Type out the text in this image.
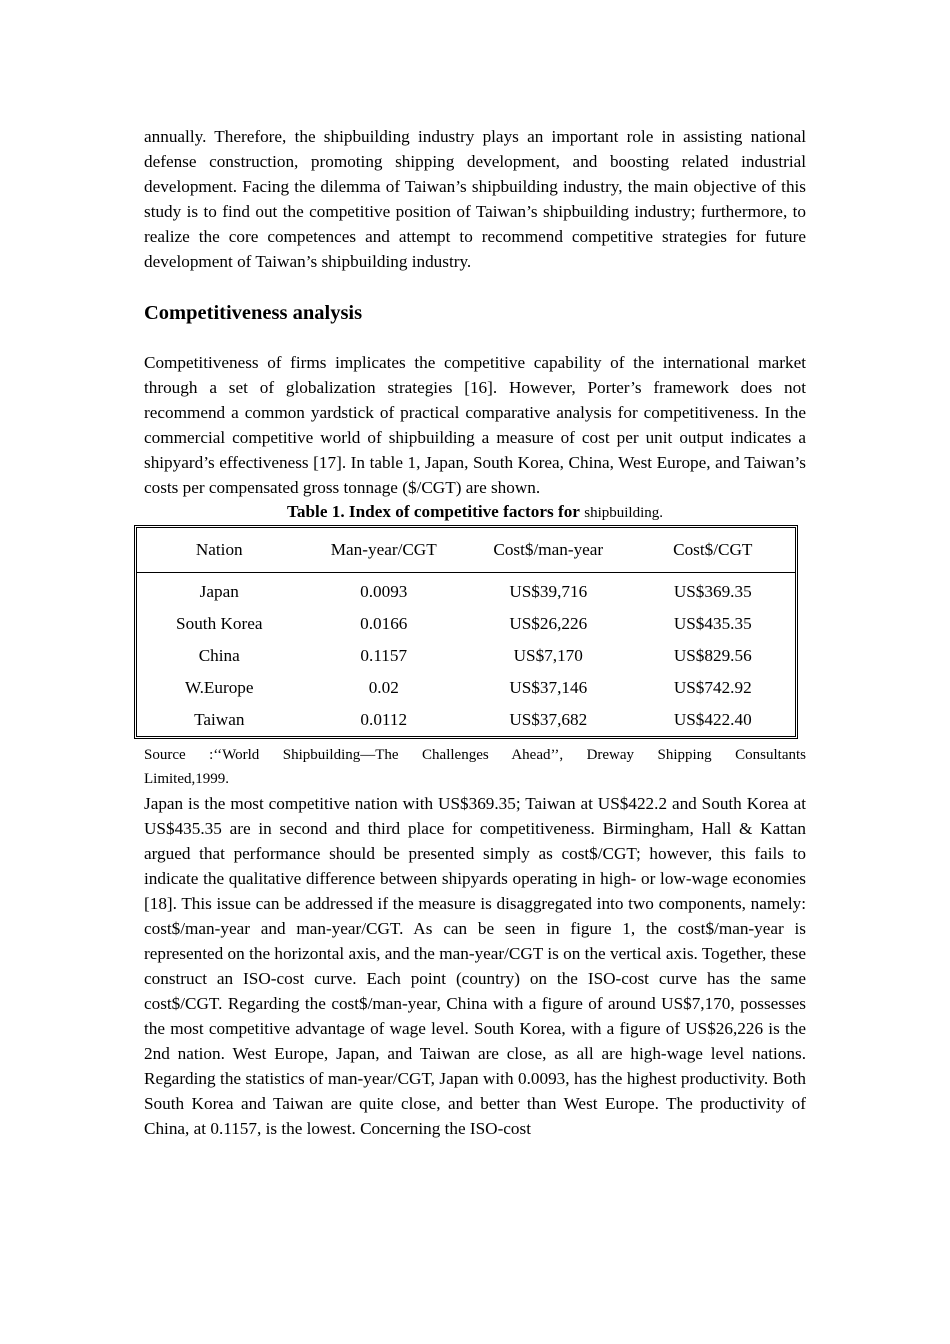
annually. Therefore, the shipbuilding industry plays an important role in assisting national defense construction, promoting shipping development, and boosting related industrial development. Facing the dilemma of Taiwan’s shipbuilding industry, the main objective of this study is to find out the competitive position of Taiwan’s shipbuilding industry; furthermore, to realize the core competences and attempt to recommend competitive strategies for future development of Taiwan’s shipbuilding industry.

Competitiveness analysis

Competitiveness of firms implicates the competitive capability of the international market through a set of globalization strategies [16]. However, Porter’s framework does not recommend a common yardstick of practical comparative analysis for competitiveness. In the commercial competitive world of shipbuilding a measure of cost per unit output indicates a shipyard’s effectiveness [17]. In table 1, Japan, South Korea, China, West Europe, and Taiwan’s costs per compensated gross tonnage ($/CGT) are shown.

Table 1. Index of competitive factors for shipbuilding.

Nation	Man-year/CGT	Cost$/man-year	Cost$/CGT
Japan	0.0093	US$39,716	US$369.35
South Korea	0.0166	US$26,226	US$435.35
China	0.1157	US$7,170	US$829.56
W.Europe	0.02	US$37,146	US$742.92
Taiwan	0.0112	US$37,682	US$422.40

Source :‘‘World Shipbuilding—The Challenges Ahead’’, Dreway Shipping Consultants
Limited,1999.

Japan is the most competitive nation with US$369.35; Taiwan at US$422.2 and South Korea at US$435.35 are in second and third place for competitiveness. Birmingham, Hall & Kattan argued that performance should be presented simply as cost$/CGT; however, this fails to indicate the qualitative difference between shipyards operating in high- or low-wage economies [18]. This issue can be addressed if the measure is disaggregated into two components, namely: cost$/man-year and man-year/CGT. As can be seen in figure 1, the cost$/man-year is represented on the horizontal axis, and the man-year/CGT is on the vertical axis. Together, these construct an ISO-cost curve. Each point (country) on the ISO-cost curve has the same cost$/CGT. Regarding the cost$/man-year, China with a figure of around US$7,170, possesses the most competitive advantage of wage level. South Korea, with a figure of US$26,226 is the 2nd nation. West Europe, Japan, and Taiwan are close, as all are high-wage level nations. Regarding the statistics of man-year/CGT, Japan with 0.0093, has the highest productivity. Both South Korea and Taiwan are quite close, and better than West Europe. The productivity of China, at 0.1157, is the lowest. Concerning the ISO-cost
